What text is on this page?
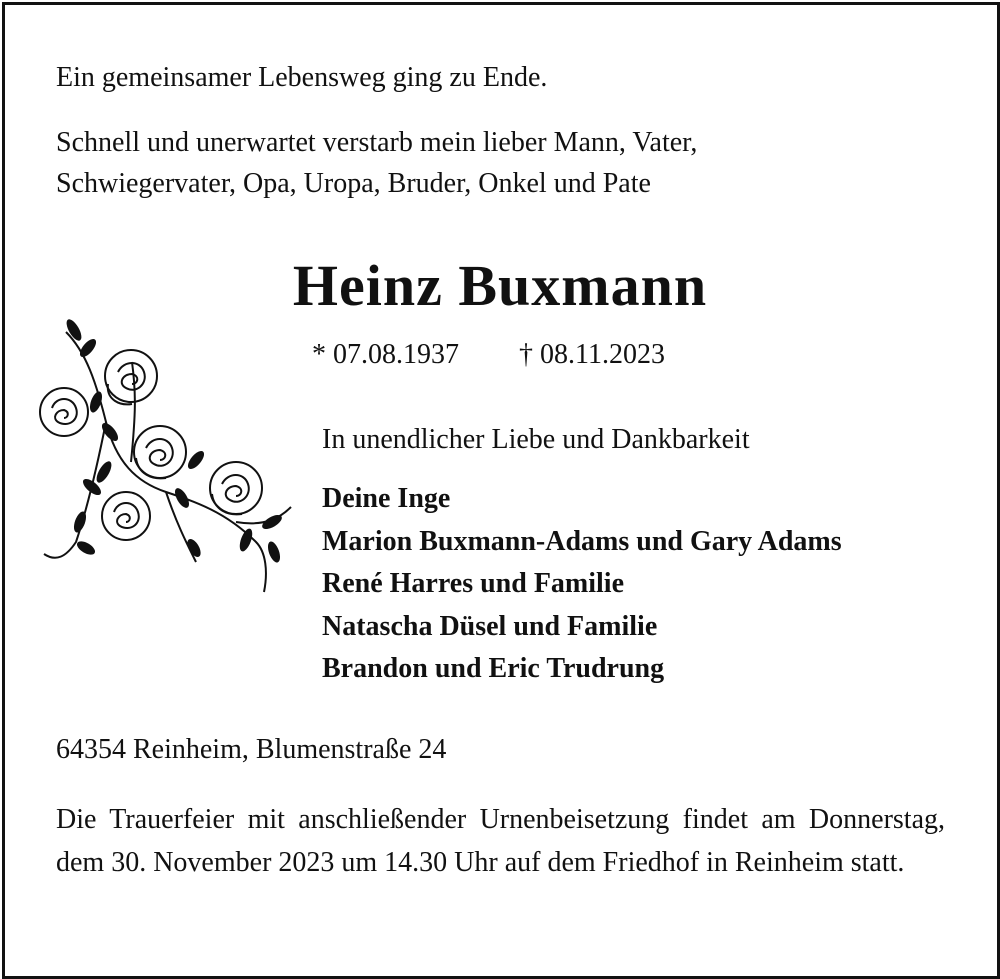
Ein gemeinsamer Lebensweg ging zu Ende.
Schnell und unerwartet verstarb mein lieber Mann, Vater,
Schwiegervater, Opa, Uropa, Bruder, Onkel und Pate
Heinz Buxmann
* 07.08.1937 † 08.11.2023
In unendlicher Liebe und Dankbarkeit
Deine Inge
Marion Buxmann-Adams und Gary Adams
René Harres und Familie
Natascha Düsel und Familie
Brandon und Eric Trudrung
64354 Reinheim, Blumenstraße 24
Die Trauerfeier mit anschließender Urnenbeisetzung findet am Donnerstag, dem 30. November 2023 um 14.30 Uhr auf dem Friedhof in Reinheim statt.
